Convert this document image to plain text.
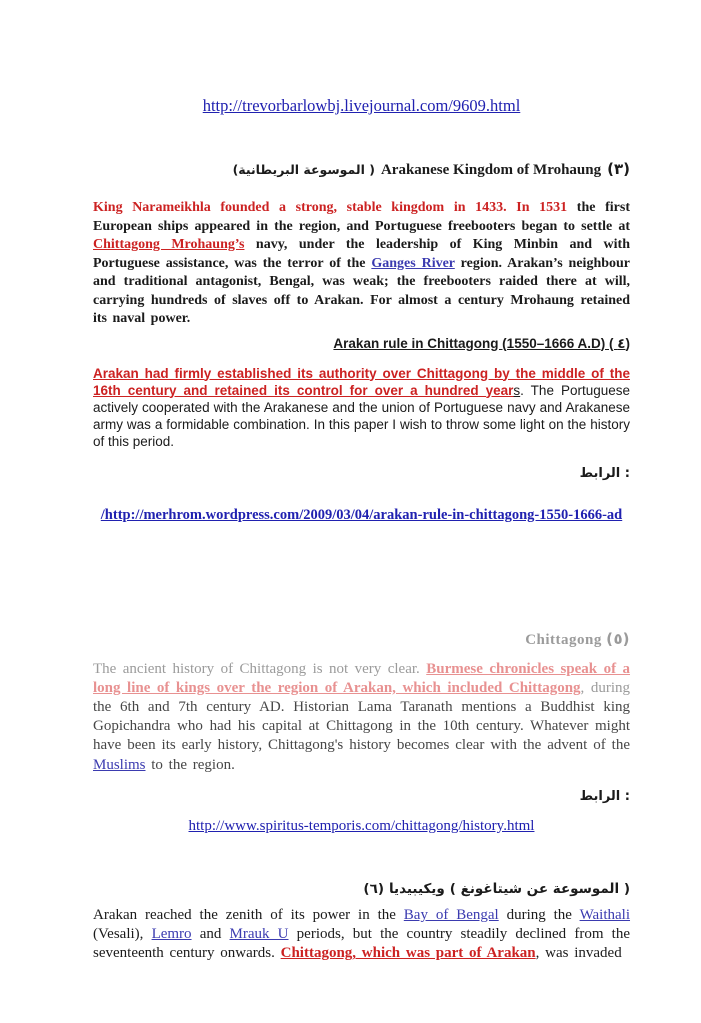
http://trevorbarlowbj.livejournal.com/9609.html
(الموسوعة البريطانية ) Arakanese Kingdom of Mrohaung (٣)

King Narameikhla founded a strong, stable kingdom in 1433. In 1531 the first European ships appeared in the region, and Portuguese freebooters began to settle at Chittagong Mrohaung’s navy, under the leadership of King Minbin and with Portuguese assistance, was the terror of the Ganges River region. Arakan’s neighbour and traditional antagonist, Bengal, was weak; the freebooters raided there at will, carrying hundreds of slaves off to Arakan. For almost a century Mrohaung retained its naval power.

Arakan rule in Chittagong (1550–1666 A.D) ( ٤)

Arakan had firmly established its authority over Chittagong by the middle of the 16th century and retained its control for over a hundred years. The Portuguese actively cooperated with the Arakanese and the union of Portuguese navy and Arakanese army was a formidable combination. In this paper I wish to throw some light on the history of this period.

الرابط :
/http://merhrom.wordpress.com/2009/03/04/arakan-rule-in-chittagong-1550-1666-ad
Chittagong (٥)

The ancient history of Chittagong is not very clear. Burmese chronicles speak of a long line of kings over the region of Arakan, which included Chittagong, during the 6th and 7th century AD. Historian Lama Taranath mentions a Buddhist king Gopichandra who had his capital at Chittagong in the 10th century. Whatever might have been its early history, Chittagong's history becomes clear with the advent of the Muslims to the region.

الرابط :
http://www.spiritus-temporis.com/chittagong/history.html
(٦) ويكيبيديا ( الموسوعة عن شيتاغونغ )

Arakan reached the zenith of its power in the Bay of Bengal during the Waithali (Vesali), Lemro and Mrauk U periods, but the country steadily declined from the seventeenth century onwards. Chittagong, which was part of Arakan, was invaded
